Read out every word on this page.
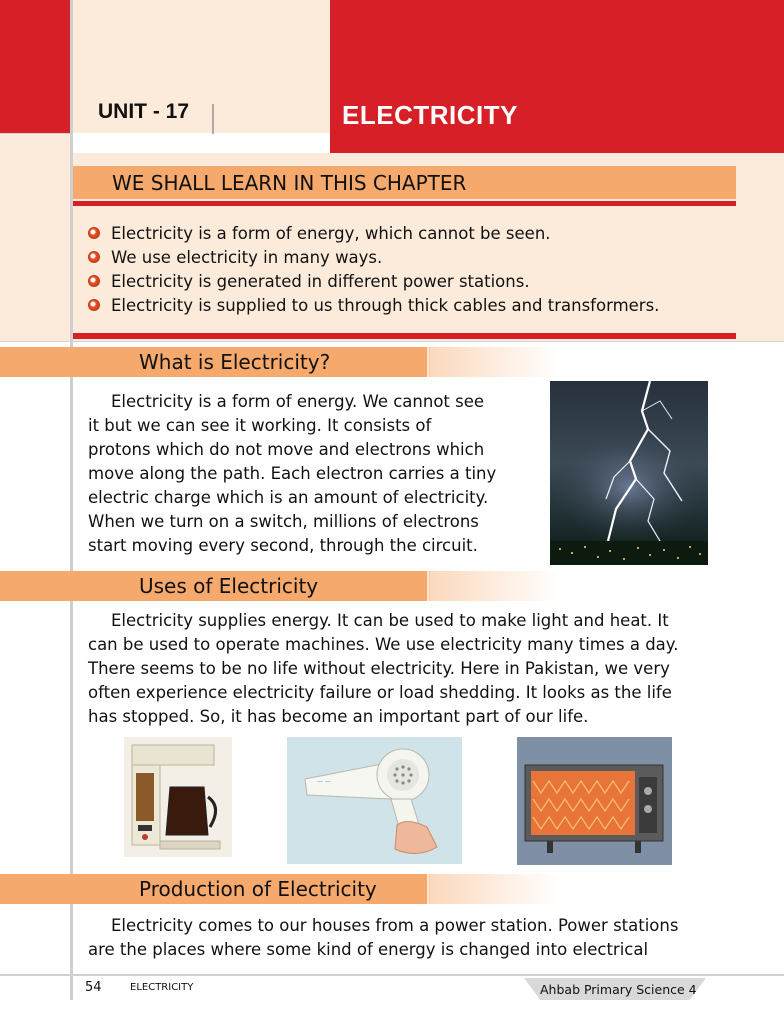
UNIT - 17	ELECTRICITY
WE SHALL LEARN IN THIS CHAPTER
Electricity is a form of energy, which cannot be seen.
We use electricity in many ways.
Electricity is generated in different power stations.
Electricity is supplied to us through thick cables and transformers.
What is Electricity?
Electricity is a form of energy. We cannot see
it but we can see it working. It consists of
protons which do not move and electrons which
move along the path. Each electron carries a tiny
electric charge which is an amount of electricity.
When we turn on a switch, millions of electrons
start moving every second, through the circuit.
Uses of Electricity
Electricity supplies energy. It can be used to make light and heat. It
can be used to operate machines. We use electricity many times a day.
There seems to be no life without electricity. Here in Pakistan, we very
often experience electricity failure or load shedding. It looks as the life
has stopped. So, it has become an important part of our life.
— —
Production of Electricity
Electricity comes to our houses from a power station. Power stations
are the places where some kind of energy is changed into electrical
54	ELECTRICITY	Ahbab Primary Science 4
